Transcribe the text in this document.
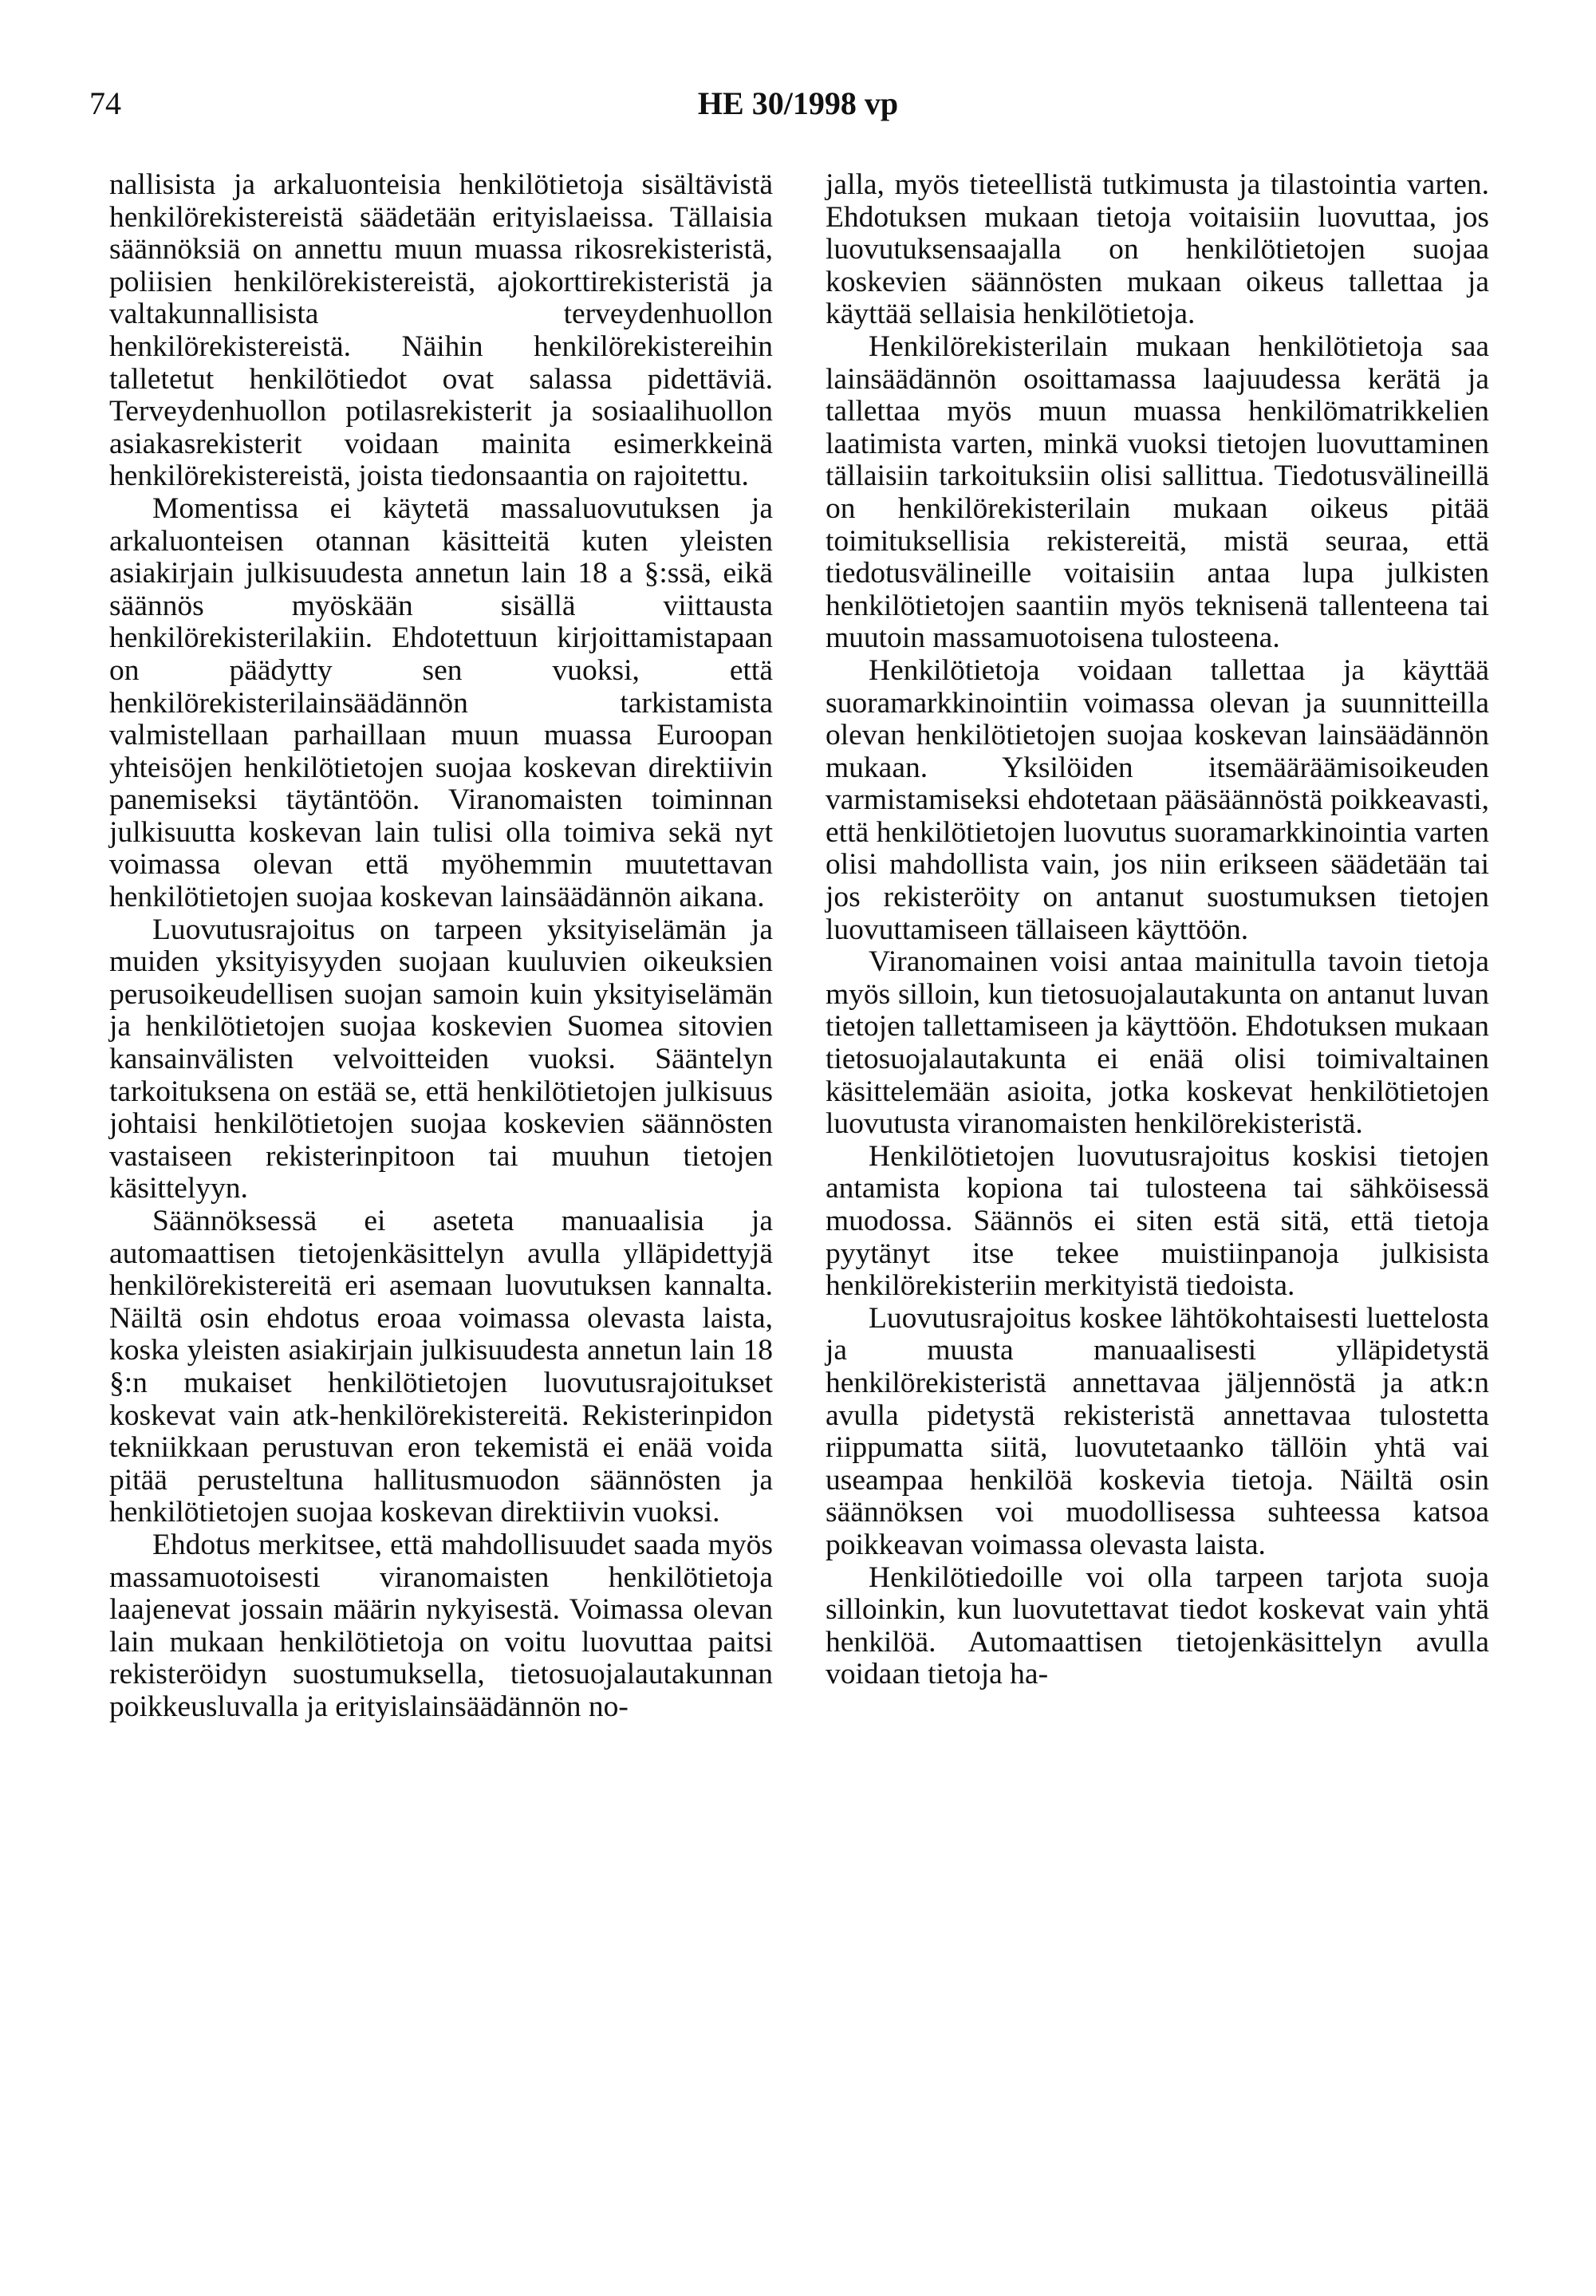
74	HE 30/1998 vp

nallisista ja arkaluonteisia henkilötietoja sisältävistä henkilörekistereistä säädetään erityislaeissa. Tällaisia säännöksiä on annettu muun muassa rikosrekisteristä, poliisien henkilörekistereistä, ajokorttirekisteristä ja valtakunnallisista terveydenhuollon henkilörekistereistä. Näihin henkilörekistereihin talletetut henkilötiedot ovat salassa pidettäviä. Terveydenhuollon potilasrekisterit ja sosiaalihuollon asiakasrekisterit voidaan mainita esimerkkeinä henkilörekistereistä, joista tiedonsaantia on rajoitettu.

Momentissa ei käytetä massaluovutuksen ja arkaluonteisen otannan käsitteitä kuten yleisten asiakirjain julkisuudesta annetun lain 18 a §:ssä, eikä säännös myöskään sisällä viittausta henkilörekisterilakiin. Ehdotettuun kirjoittamistapaan on päädytty sen vuoksi, että henkilörekisterilainsäädännön tarkistamista valmistellaan parhaillaan muun muassa Euroopan yhteisöjen henkilötietojen suojaa koskevan direktiivin panemiseksi täytäntöön. Viranomaisten toiminnan julkisuutta koskevan lain tulisi olla toimiva sekä nyt voimassa olevan että myöhemmin muutettavan henkilötietojen suojaa koskevan lainsäädännön aikana.

Luovutusrajoitus on tarpeen yksityiselämän ja muiden yksityisyyden suojaan kuuluvien oikeuksien perusoikeudellisen suojan samoin kuin yksityiselämän ja henkilötietojen suojaa koskevien Suomea sitovien kansainvälisten velvoitteiden vuoksi. Sääntelyn tarkoituksena on estää se, että henkilötietojen julkisuus johtaisi henkilötietojen suojaa koskevien säännösten vastaiseen rekisterinpitoon tai muuhun tietojen käsittelyyn.

Säännöksessä ei aseteta manuaalisia ja automaattisen tietojenkäsittelyn avulla ylläpidettyjä henkilörekistereitä eri asemaan luovutuksen kannalta. Näiltä osin ehdotus eroaa voimassa olevasta laista, koska yleisten asiakirjain julkisuudesta annetun lain 18 §:n mukaiset henkilötietojen luovutusrajoitukset koskevat vain atk-henkilörekistereitä. Rekisterinpidon tekniikkaan perustuvan eron tekemistä ei enää voida pitää perusteltuna hallitusmuodon säännösten ja henkilötietojen suojaa koskevan direktiivin vuoksi.

Ehdotus merkitsee, että mahdollisuudet saada myös massamuotoisesti viranomaisten henkilötietoja laajenevat jossain määrin nykyisestä. Voimassa olevan lain mukaan henkilötietoja on voitu luovuttaa paitsi rekisteröidyn suostumuksella, tietosuojalautakunnan poikkeusluvalla ja erityislainsäädännön no-

jalla, myös tieteellistä tutkimusta ja tilastointia varten. Ehdotuksen mukaan tietoja voitaisiin luovuttaa, jos luovutuksensaajalla on henkilötietojen suojaa koskevien säännösten mukaan oikeus tallettaa ja käyttää sellaisia henkilötietoja.

Henkilörekisterilain mukaan henkilötietoja saa lainsäädännön osoittamassa laajuudessa kerätä ja tallettaa myös muun muassa henkilömatrikkelien laatimista varten, minkä vuoksi tietojen luovuttaminen tällaisiin tarkoituksiin olisi sallittua. Tiedotusvälineillä on henkilörekisterilain mukaan oikeus pitää toimituksellisia rekistereitä, mistä seuraa, että tiedotusvälineille voitaisiin antaa lupa julkisten henkilötietojen saantiin myös teknisenä tallenteena tai muutoin massamuotoisena tulosteena.

Henkilötietoja voidaan tallettaa ja käyttää suoramarkkinointiin voimassa olevan ja suunnitteilla olevan henkilötietojen suojaa koskevan lainsäädännön mukaan. Yksilöiden itsemääräämisoikeuden varmistamiseksi ehdotetaan pääsäännöstä poikkeavasti, että henkilötietojen luovutus suoramarkkinointia varten olisi mahdollista vain, jos niin erikseen säädetään tai jos rekisteröity on antanut suostumuksen tietojen luovuttamiseen tällaiseen käyttöön.

Viranomainen voisi antaa mainitulla tavoin tietoja myös silloin, kun tietosuojalautakunta on antanut luvan tietojen tallettamiseen ja käyttöön. Ehdotuksen mukaan tietosuojalautakunta ei enää olisi toimivaltainen käsittelemään asioita, jotka koskevat henkilötietojen luovutusta viranomaisten henkilörekisteristä.

Henkilötietojen luovutusrajoitus koskisi tietojen antamista kopiona tai tulosteena tai sähköisessä muodossa. Säännös ei siten estä sitä, että tietoja pyytänyt itse tekee muistiinpanoja julkisista henkilörekisteriin merkityistä tiedoista.

Luovutusrajoitus koskee lähtökohtaisesti luettelosta ja muusta manuaalisesti ylläpidetystä henkilörekisteristä annettavaa jäljennöstä ja atk:n avulla pidetystä rekisteristä annettavaa tulostetta riippumatta siitä, luovutetaanko tällöin yhtä vai useampaa henkilöä koskevia tietoja. Näiltä osin säännöksen voi muodollisessa suhteessa katsoa poikkeavan voimassa olevasta laista.

Henkilötiedoille voi olla tarpeen tarjota suoja silloinkin, kun luovutettavat tiedot koskevat vain yhtä henkilöä. Automaattisen tietojenkäsittelyn avulla voidaan tietoja ha-
